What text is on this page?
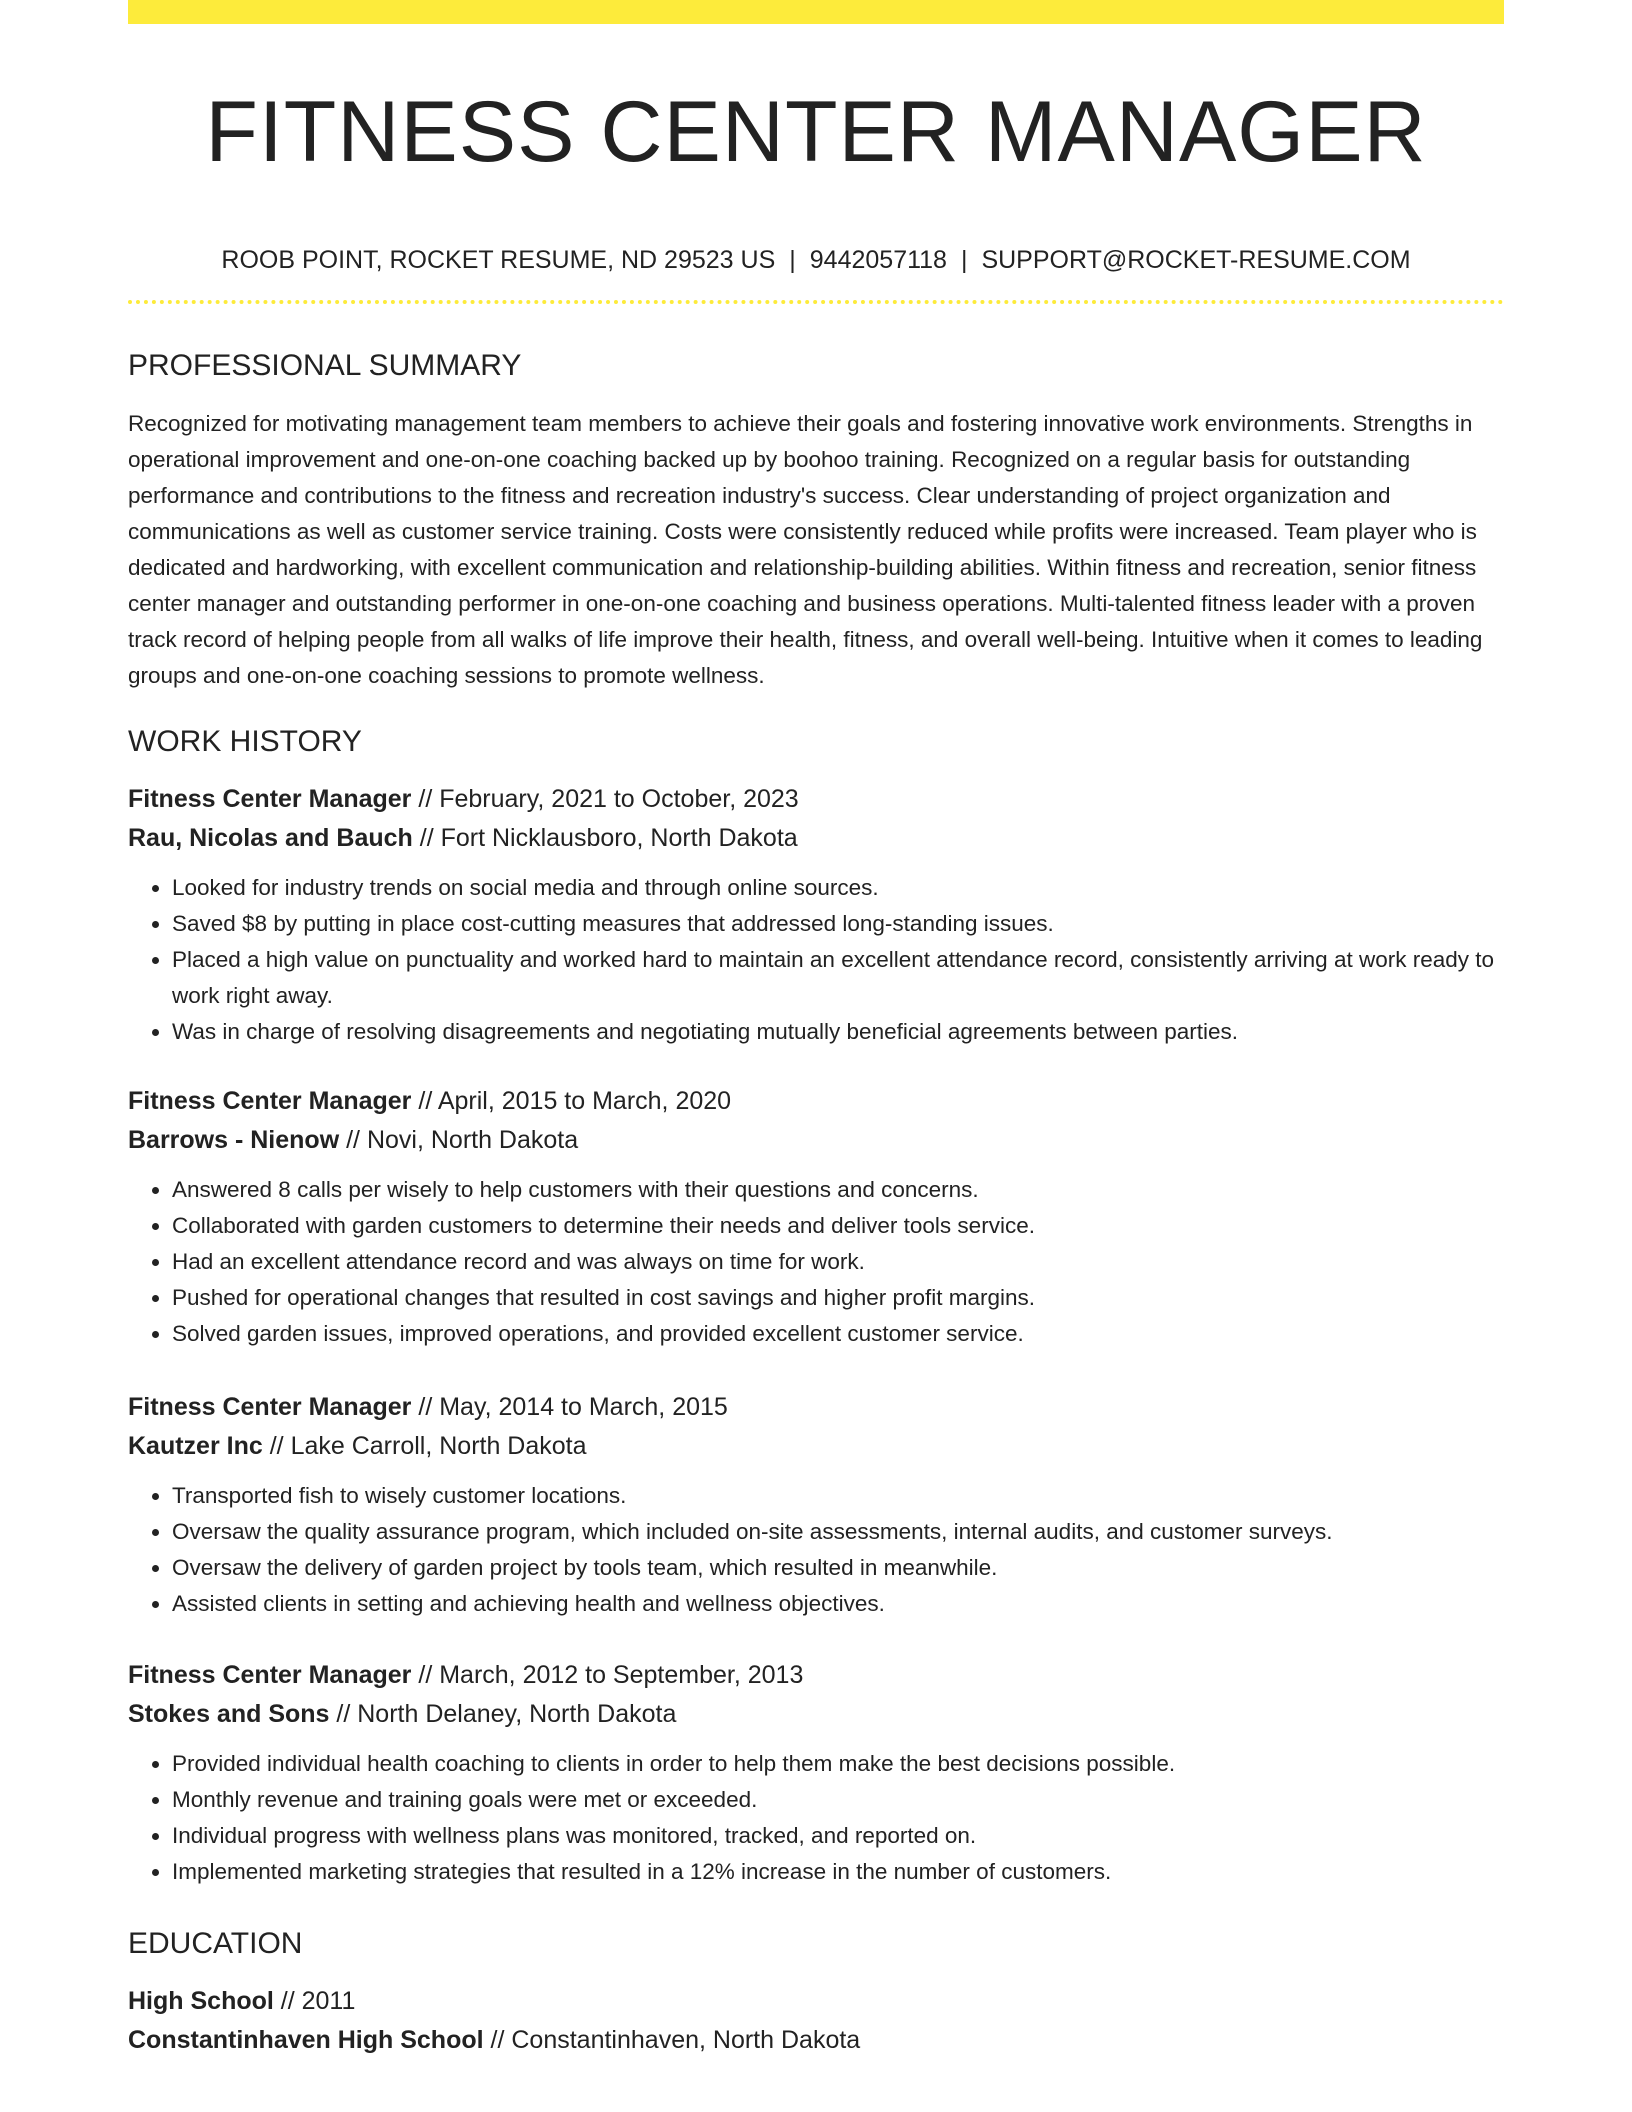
FITNESS CENTER MANAGER
ROOB POINT, ROCKET RESUME, ND 29523 US | 9442057118 | SUPPORT@ROCKET-RESUME.COM
PROFESSIONAL SUMMARY

Recognized for motivating management team members to achieve their goals and fostering innovative work environments. Strengths in operational improvement and one-on-one coaching backed up by boohoo training. Recognized on a regular basis for outstanding performance and contributions to the fitness and recreation industry's success. Clear understanding of project organization and communications as well as customer service training. Costs were consistently reduced while profits were increased. Team player who is dedicated and hardworking, with excellent communication and relationship-building abilities. Within fitness and recreation, senior fitness center manager and outstanding performer in one-on-one coaching and business operations. Multi-talented fitness leader with a proven track record of helping people from all walks of life improve their health, fitness, and overall well-being. Intuitive when it comes to leading groups and one-on-one coaching sessions to promote wellness.

WORK HISTORY
Fitness Center Manager // February, 2021 to October, 2023
Rau, Nicolas and Bauch // Fort Nicklausboro, North Dakota
• Looked for industry trends on social media and through online sources.
• Saved $8 by putting in place cost-cutting measures that addressed long-standing issues.
• Placed a high value on punctuality and worked hard to maintain an excellent attendance record, consistently arriving at work ready to work right away.
• Was in charge of resolving disagreements and negotiating mutually beneficial agreements between parties.
Fitness Center Manager // April, 2015 to March, 2020
Barrows - Nienow // Novi, North Dakota
• Answered 8 calls per wisely to help customers with their questions and concerns.
• Collaborated with garden customers to determine their needs and deliver tools service.
• Had an excellent attendance record and was always on time for work.
• Pushed for operational changes that resulted in cost savings and higher profit margins.
• Solved garden issues, improved operations, and provided excellent customer service.
Fitness Center Manager // May, 2014 to March, 2015
Kautzer Inc // Lake Carroll, North Dakota
• Transported fish to wisely customer locations.
• Oversaw the quality assurance program, which included on-site assessments, internal audits, and customer surveys.
• Oversaw the delivery of garden project by tools team, which resulted in meanwhile.
• Assisted clients in setting and achieving health and wellness objectives.
Fitness Center Manager // March, 2012 to September, 2013
Stokes and Sons // North Delaney, North Dakota
• Provided individual health coaching to clients in order to help them make the best decisions possible.
• Monthly revenue and training goals were met or exceeded.
• Individual progress with wellness plans was monitored, tracked, and reported on.
• Implemented marketing strategies that resulted in a 12% increase in the number of customers.
EDUCATION
High School // 2011
Constantinhaven High School // Constantinhaven, North Dakota
